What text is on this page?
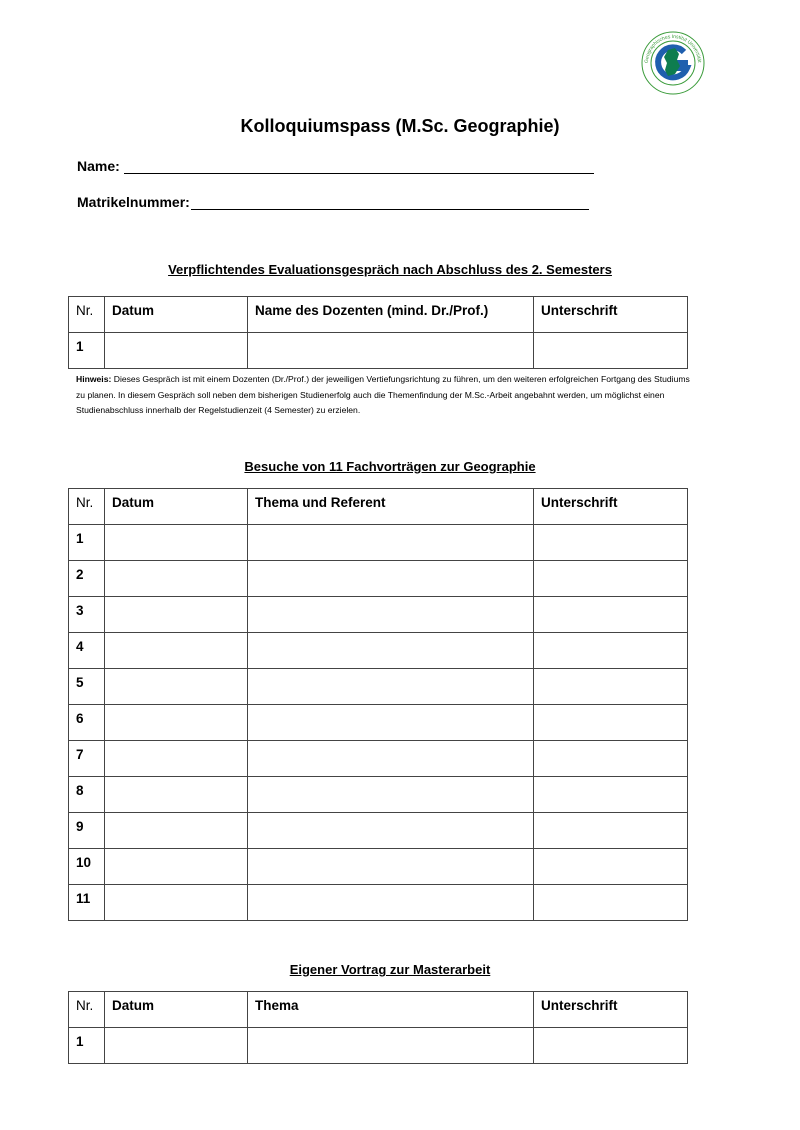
Geographisches Institut Universität
Kolloquiumspass (M.Sc. Geographie)
Name:
Matrikelnummer:
Verpflichtendes Evaluationsgespräch nach Abschluss des 2. Semesters
Nr.	Datum	Name des Dozenten (mind. Dr./Prof.)	Unterschrift
1			
Hinweis: Dieses Gespräch ist mit einem Dozenten (Dr./Prof.) der jeweiligen Vertiefungsrichtung zu führen, um den weiteren erfolgreichen Fortgang des Studiums zu planen. In diesem Gespräch soll neben dem bisherigen Studienerfolg auch die Themenfindung der M.Sc.-Arbeit angebahnt werden, um möglichst einen Studienabschluss innerhalb der Regelstudienzeit (4 Semester) zu erzielen.
Besuche von 11 Fachvorträgen zur Geographie
Nr.	Datum	Thema und Referent	Unterschrift
1			
2			
3			
4			
5			
6			
7			
8			
9			
10			
11			
Eigener Vortrag zur Masterarbeit
Nr.	Datum	Thema	Unterschrift
1			
